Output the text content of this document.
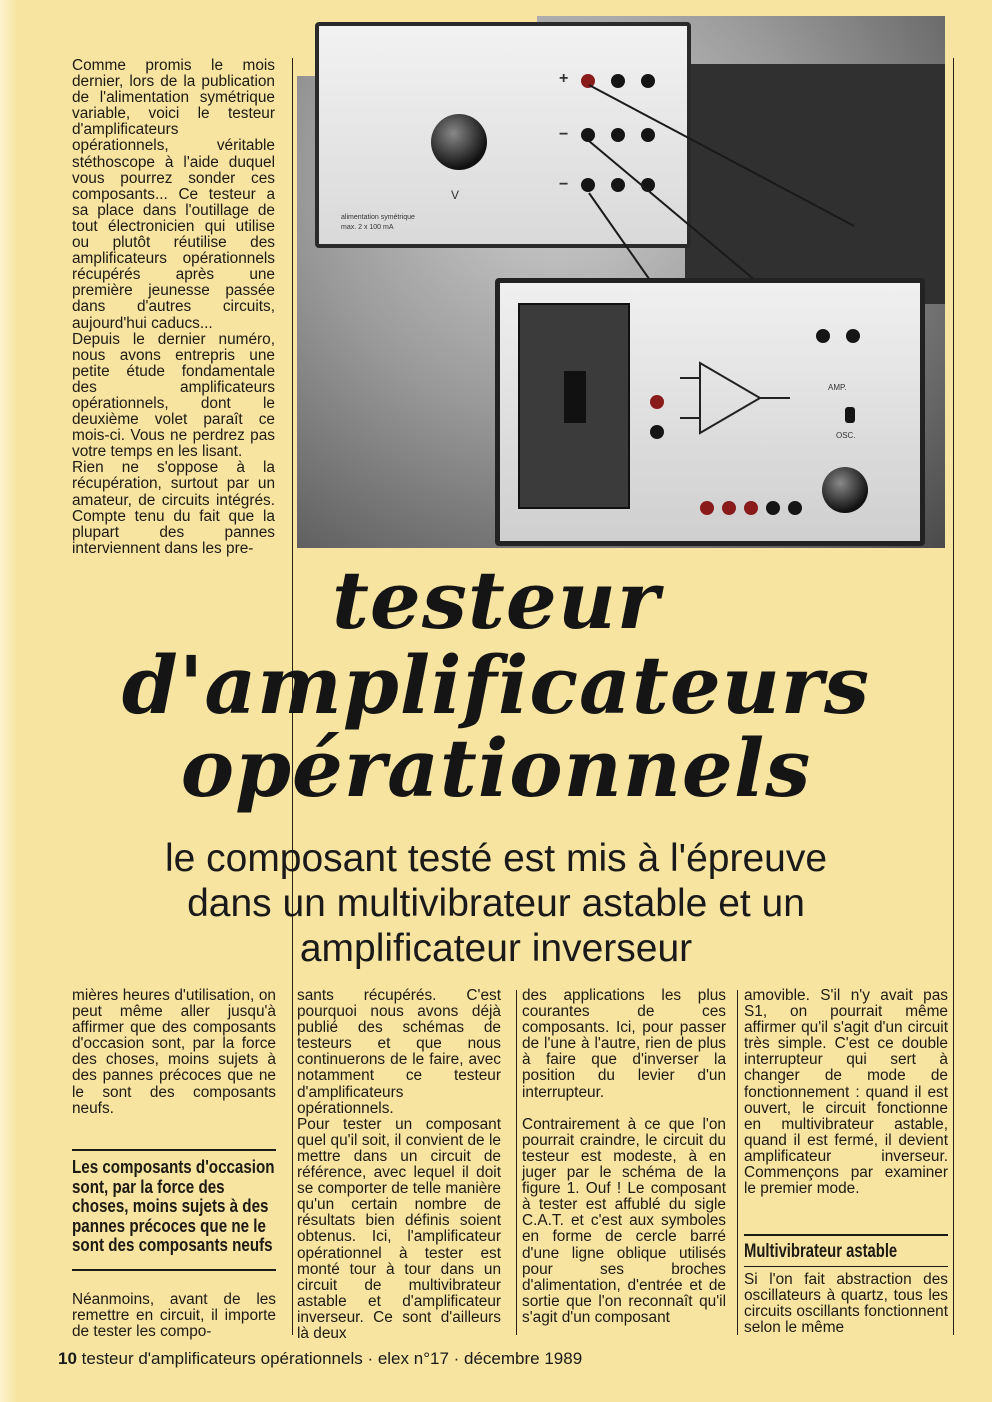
Comme promis le mois dernier, lors de la publication de l'alimentation symétrique variable, voici le testeur d'amplificateurs opérationnels, véritable stéthoscope à l'aide duquel vous pourrez sonder ces composants... Ce testeur a sa place dans l'outillage de tout électronicien qui utilise ou plutôt réutilise des amplificateurs opérationnels récupérés après une première jeunesse passée dans d'autres circuits, aujourd'hui caducs...
Depuis le dernier numéro, nous avons entrepris une petite étude fondamentale des amplificateurs opérationnels, dont le deuxième volet paraît ce mois-ci. Vous ne perdrez pas votre temps en les lisant.
Rien ne s'oppose à la récupération, surtout par un amateur, de circuits intégrés. Compte tenu du fait que la plupart des pannes interviennent dans les pre-
V
alimentation symétrique
max. 2 x 100 mA
+
−
−
AMP.
OSC.
testeur
d'amplificateurs
opérationnels
le composant testé est mis à l'épreuve
dans un multivibrateur astable et un
amplificateur inverseur
mières heures d'utilisation, on peut même aller jusqu'à affirmer que des composants d'occasion sont, par la force des choses, moins sujets à des pannes précoces que ne le sont des composants neufs.
Les composants d'occasion sont, par la force des choses, moins sujets à des pannes précoces que ne le sont des composants neufs
Néanmoins, avant de les remettre en circuit, il importe de tester les compo-
sants récupérés. C'est pourquoi nous avons déjà publié des schémas de testeurs et que nous continuerons de le faire, avec notamment ce testeur d'amplificateurs opérationnels.
Pour tester un composant quel qu'il soit, il convient de le mettre dans un circuit de référence, avec lequel il doit se comporter de telle manière qu'un certain nombre de résultats bien définis soient obtenus. Ici, l'amplificateur opérationnel à tester est monté tour à tour dans un circuit de multivibrateur astable et d'amplificateur inverseur. Ce sont d'ailleurs là deux
des applications les plus courantes de ces composants. Ici, pour passer de l'une à l'autre, rien de plus à faire que d'inverser la position du levier d'un interrupteur.

Contrairement à ce que l'on pourrait craindre, le circuit du testeur est modeste, à en juger par le schéma de la figure 1. Ouf ! Le composant à tester est affublé du sigle C.A.T. et c'est aux symboles en forme de cercle barré d'une ligne oblique utilisés pour ses broches d'alimentation, d'entrée et de sortie que l'on reconnaît qu'il s'agit d'un composant
amovible. S'il n'y avait pas S1, on pourrait même affirmer qu'il s'agit d'un circuit très simple. C'est ce double interrupteur qui sert à changer de mode de fonctionnement : quand il est ouvert, le circuit fonctionne en multivibrateur astable, quand il est fermé, il devient amplificateur inverseur. Commençons par examiner le premier mode.
Multivibrateur astable
Si l'on fait abstraction des oscillateurs à quartz, tous les circuits oscillants fonctionnent selon le même
10 testeur d'amplificateurs opérationnels · elex n°17 · décembre 1989
